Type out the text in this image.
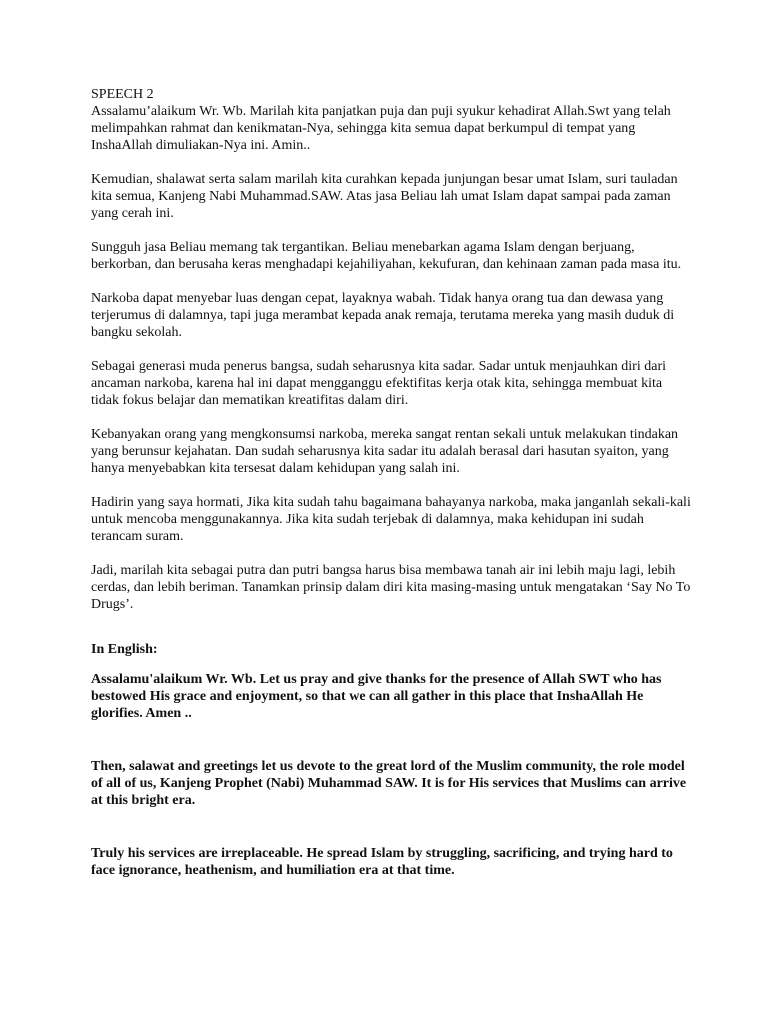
SPEECH 2

Assalamu’alaikum Wr. Wb. Marilah kita panjatkan puja dan puji syukur kehadirat Allah.Swt yang telah melimpahkan rahmat dan kenikmatan-Nya, sehingga kita semua dapat berkumpul di tempat yang InshaAllah dimuliakan-Nya ini. Amin..

Kemudian, shalawat serta salam marilah kita curahkan kepada junjungan besar umat Islam, suri tauladan kita semua, Kanjeng Nabi Muhammad.SAW. Atas jasa Beliau lah umat Islam dapat sampai pada zaman yang cerah ini.

Sungguh jasa Beliau memang tak tergantikan. Beliau menebarkan agama Islam dengan berjuang, berkorban, dan berusaha keras menghadapi kejahiliyahan, kekufuran, dan kehinaan zaman pada masa itu.

Narkoba dapat menyebar luas dengan cepat, layaknya wabah. Tidak hanya orang tua dan dewasa yang terjerumus di dalamnya, tapi juga merambat kepada anak remaja, terutama mereka yang masih duduk di bangku sekolah.

Sebagai generasi muda penerus bangsa, sudah seharusnya kita sadar. Sadar untuk menjauhkan diri dari ancaman narkoba, karena hal ini dapat mengganggu efektifitas kerja otak kita, sehingga membuat kita tidak fokus belajar dan mematikan kreatifitas dalam diri.

Kebanyakan orang yang mengkonsumsi narkoba, mereka sangat rentan sekali untuk melakukan tindakan yang berunsur kejahatan. Dan sudah seharusnya kita sadar itu adalah berasal dari hasutan syaiton, yang hanya menyebabkan kita tersesat dalam kehidupan yang salah ini.

Hadirin yang saya hormati, Jika kita sudah tahu bagaimana bahayanya narkoba, maka janganlah sekali-kali untuk mencoba menggunakannya. Jika kita sudah terjebak di dalamnya, maka kehidupan ini sudah terancam suram.

Jadi, marilah kita sebagai putra dan putri bangsa harus bisa membawa tanah air ini lebih maju lagi, lebih cerdas, dan lebih beriman. Tanamkan prinsip dalam diri kita masing-masing untuk mengatakan ‘Say No To Drugs’.

In English:

Assalamu'alaikum Wr. Wb. Let us pray and give thanks for the presence of Allah SWT who has bestowed His grace and enjoyment, so that we can all gather in this place that InshaAllah He glorifies. Amen ..

Then, salawat and greetings let us devote to the great lord of the Muslim community, the role model of all of us, Kanjeng Prophet (Nabi) Muhammad SAW. It is for His services that Muslims can arrive at this bright era.

Truly his services are irreplaceable. He spread Islam by struggling, sacrificing, and trying hard to face ignorance, heathenism, and humiliation era at that time.
